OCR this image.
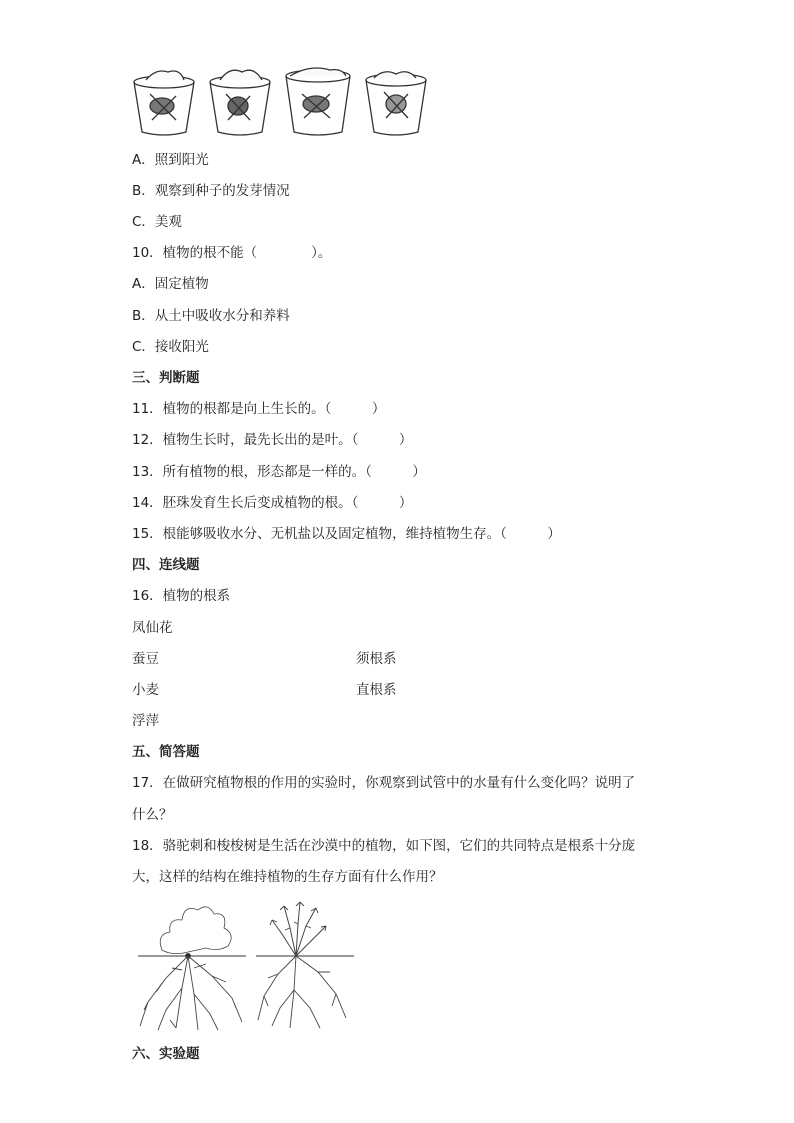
A．照到阳光
B．观察到种子的发芽情况
C．美观
10．植物的根不能（　　　　）。
A．固定植物
B．从土中吸收水分和养料
C．接收阳光
三、判断题
11．植物的根都是向上生长的。（　　　）
12．植物生长时，最先长出的是叶。（　　　）
13．所有植物的根，形态都是一样的。（　　　）
14．胚珠发育生长后变成植物的根。（　　　）
15．根能够吸收水分、无机盐以及固定植物，维持植物生存。（　　　）
四、连线题
16．植物的根系
凤仙花
蚕豆	须根系
小麦	直根系
浮萍
五、简答题
17．在做研究植物根的作用的实验时，你观察到试管中的水量有什么变化吗？说明了
什么？
18．骆驼刺和梭梭树是生活在沙漠中的植物，如下图，它们的共同特点是根系十分庞
大，这样的结构在维持植物的生存方面有什么作用？
六、实验题
